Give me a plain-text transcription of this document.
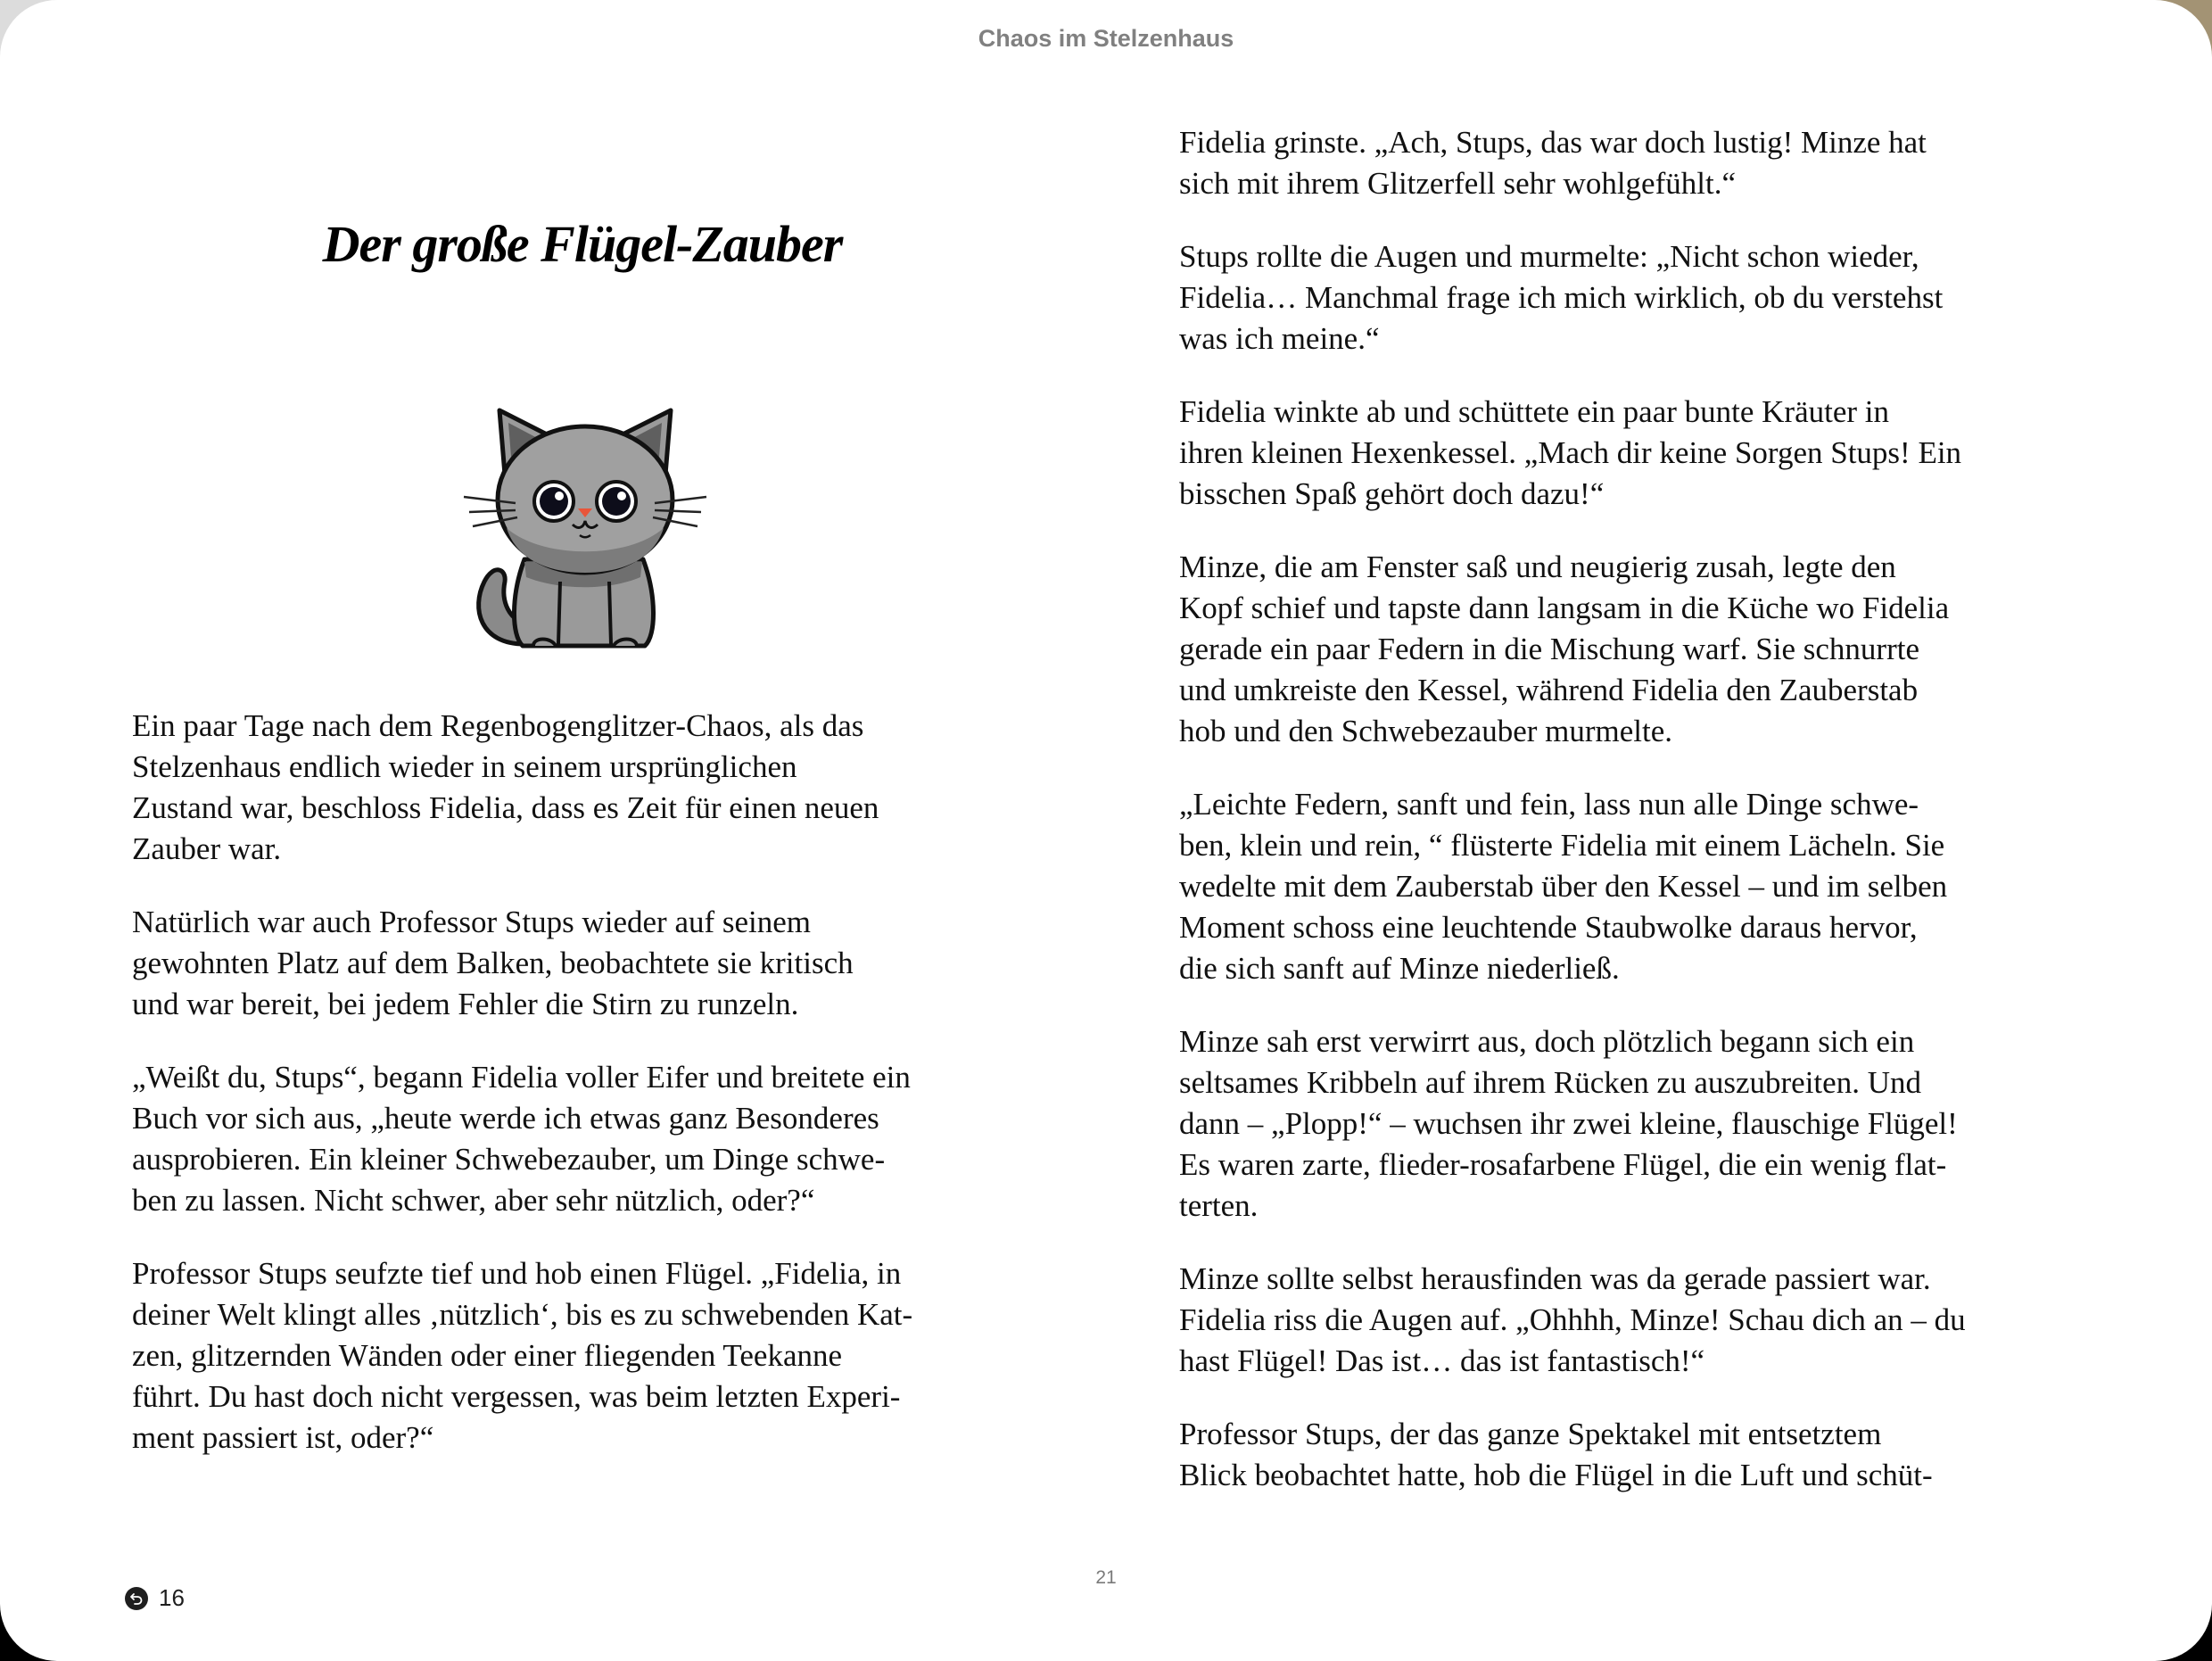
Chaos im Stelzenhaus
Der große Flügel-Zauber

Ein paar Tage nach dem Regenbogenglitzer-Chaos, als das
Stelzenhaus endlich wieder in seinem ursprünglichen
Zustand war, beschloss Fidelia, dass es Zeit für einen neuen
Zauber war.

Natürlich war auch Professor Stups wieder auf seinem
gewohnten Platz auf dem Balken, beobachtete sie kritisch
und war bereit, bei jedem Fehler die Stirn zu runzeln.

„Weißt du, Stups“, begann Fidelia voller Eifer und breitete ein
Buch vor sich aus, „heute werde ich etwas ganz Besonderes
ausprobieren. Ein kleiner Schwebezauber, um Dinge schwe-
ben zu lassen. Nicht schwer, aber sehr nützlich, oder?“

Professor Stups seufzte tief und hob einen Flügel. „Fidelia, in
deiner Welt klingt alles ‚nützlich‘, bis es zu schwebenden Kat-
zen, glitzernden Wänden oder einer fliegenden Teekanne
führt. Du hast doch nicht vergessen, was beim letzten Experi-
ment passiert ist, oder?“

Fidelia grinste. „Ach, Stups, das war doch lustig! Minze hat
sich mit ihrem Glitzerfell sehr wohlgefühlt.“

Stups rollte die Augen und murmelte: „Nicht schon wieder,
Fidelia… Manchmal frage ich mich wirklich, ob du verstehst
was ich meine.“

Fidelia winkte ab und schüttete ein paar bunte Kräuter in
ihren kleinen Hexenkessel. „Mach dir keine Sorgen Stups! Ein
bisschen Spaß gehört doch dazu!“

Minze, die am Fenster saß und neugierig zusah, legte den
Kopf schief und tapste dann langsam in die Küche wo Fidelia
gerade ein paar Federn in die Mischung warf. Sie schnurrte
und umkreiste den Kessel, während Fidelia den Zauberstab
hob und den Schwebezauber murmelte.

„Leichte Federn, sanft und fein, lass nun alle Dinge schwe-
ben, klein und rein, “ flüsterte Fidelia mit einem Lächeln. Sie
wedelte mit dem Zauberstab über den Kessel – und im selben
Moment schoss eine leuchtende Staubwolke daraus hervor,
die sich sanft auf Minze niederließ.

Minze sah erst verwirrt aus, doch plötzlich begann sich ein
seltsames Kribbeln auf ihrem Rücken zu auszubreiten. Und
dann – „Plopp!“ – wuchsen ihr zwei kleine, flauschige Flügel!
Es waren zarte, flieder-rosafarbene Flügel, die ein wenig flat-
terten.

Minze sollte selbst herausfinden was da gerade passiert war.
Fidelia riss die Augen auf. „Ohhhh, Minze! Schau dich an – du
hast Flügel! Das ist… das ist fantastisch!“

Professor Stups, der das ganze Spektakel mit entsetztem
Blick beobachtet hatte, hob die Flügel in die Luft und schüt-

21
16
